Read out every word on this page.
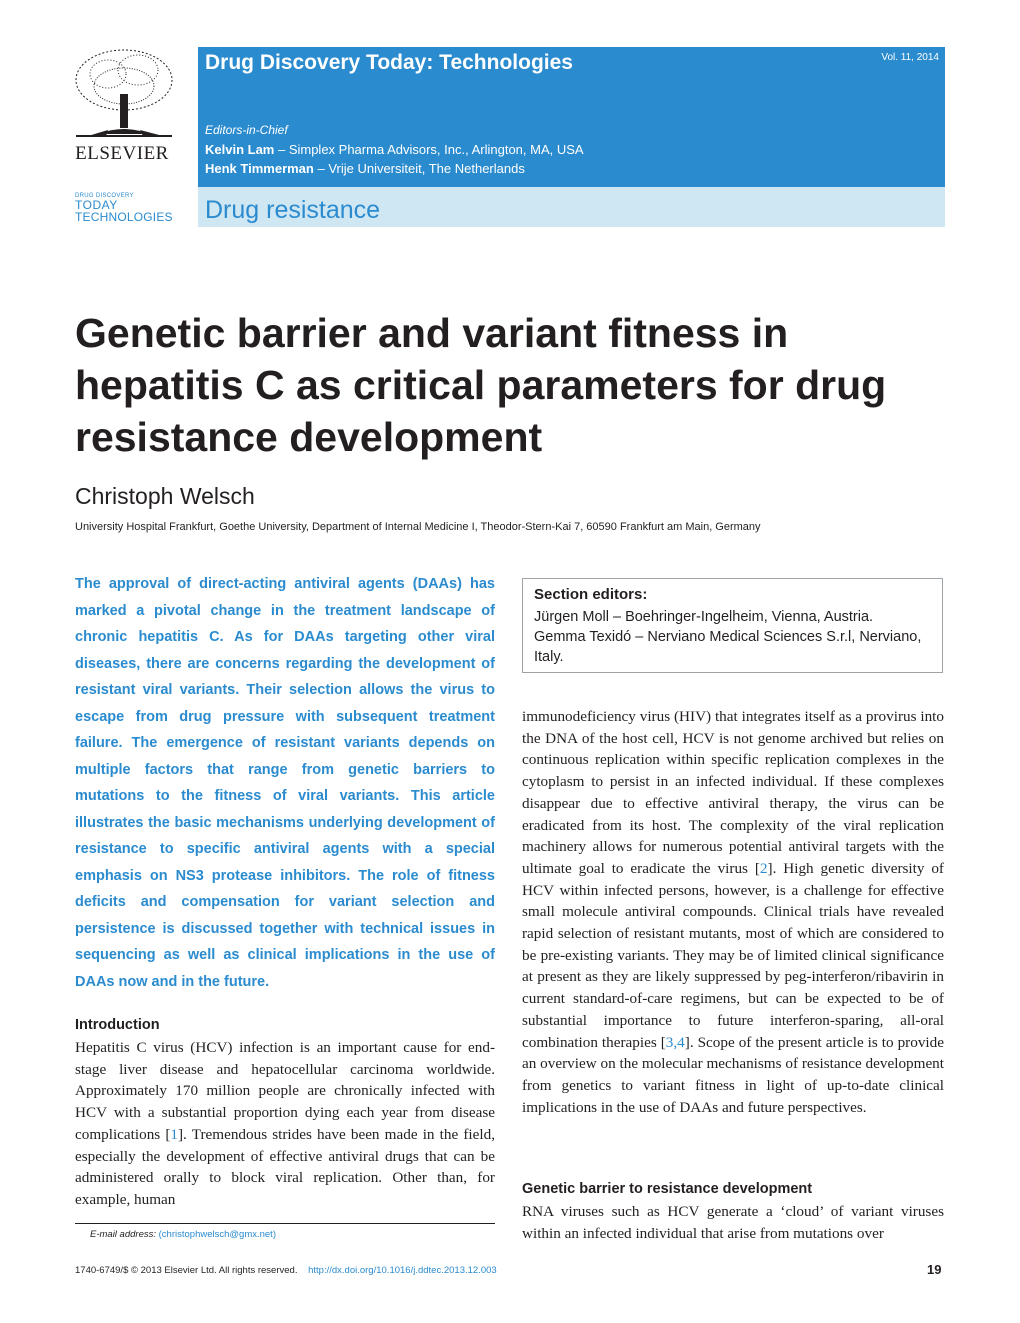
ELSEVIER
DRUG DISCOVERY
TODAY
TECHNOLOGIES
Drug Discovery Today: Technologies	Vol. 11, 2014
Editors-in-Chief
Kelvin Lam – Simplex Pharma Advisors, Inc., Arlington, MA, USA
Henk Timmerman – Vrije Universiteit, The Netherlands
Drug resistance
Genetic barrier and variant fitness in hepatitis C as critical parameters for drug resistance development
Christoph Welsch
University Hospital Frankfurt, Goethe University, Department of Internal Medicine I, Theodor-Stern-Kai 7, 60590 Frankfurt am Main, Germany
The approval of direct-acting antiviral agents (DAAs) has marked a pivotal change in the treatment landscape of chronic hepatitis C. As for DAAs targeting other viral diseases, there are concerns regarding the development of resistant viral variants. Their selection allows the virus to escape from drug pressure with subsequent treatment failure. The emergence of resistant variants depends on multiple factors that range from genetic barriers to mutations to the fitness of viral variants. This article illustrates the basic mechanisms underlying development of resistance to specific antiviral agents with a special emphasis on NS3 protease inhibitors. The role of fitness deficits and compensation for variant selection and persistence is discussed together with technical issues in sequencing as well as clinical implications in the use of DAAs now and in the future.
Section editors:
Jürgen Moll – Boehringer-Ingelheim, Vienna, Austria.
Gemma Texidó – Nerviano Medical Sciences S.r.l, Nerviano,
Italy.
Introduction
Hepatitis C virus (HCV) infection is an important cause for end-stage liver disease and hepatocellular carcinoma worldwide. Approximately 170 million people are chronically infected with HCV with a substantial proportion dying each year from disease complications [1]. Tremendous strides have been made in the field, especially the development of effective antiviral drugs that can be administered orally to block viral replication. Other than, for example, human
immunodeficiency virus (HIV) that integrates itself as a provirus into the DNA of the host cell, HCV is not genome archived but relies on continuous replication within specific replication complexes in the cytoplasm to persist in an infected individual. If these complexes disappear due to effective antiviral therapy, the virus can be eradicated from its host. The complexity of the viral replication machinery allows for numerous potential antiviral targets with the ultimate goal to eradicate the virus [2]. High genetic diversity of HCV within infected persons, however, is a challenge for effective small molecule antiviral compounds. Clinical trials have revealed rapid selection of resistant mutants, most of which are considered to be pre-existing variants. They may be of limited clinical significance at present as they are likely suppressed by peg-interferon/ribavirin in current standard-of-care regimens, but can be expected to be of substantial importance to future interferon-sparing, all-oral combination therapies [3,4]. Scope of the present article is to provide an overview on the molecular mechanisms of resistance development from genetics to variant fitness in light of up-to-date clinical implications in the use of DAAs and future perspectives.
Genetic barrier to resistance development
RNA viruses such as HCV generate a ‘cloud’ of variant viruses within an infected individual that arise from mutations over
E-mail address: (christophwelsch@gmx.net)
1740-6749/$ © 2013 Elsevier Ltd. All rights reserved. http://dx.doi.org/10.1016/j.ddtec.2013.12.003	19
